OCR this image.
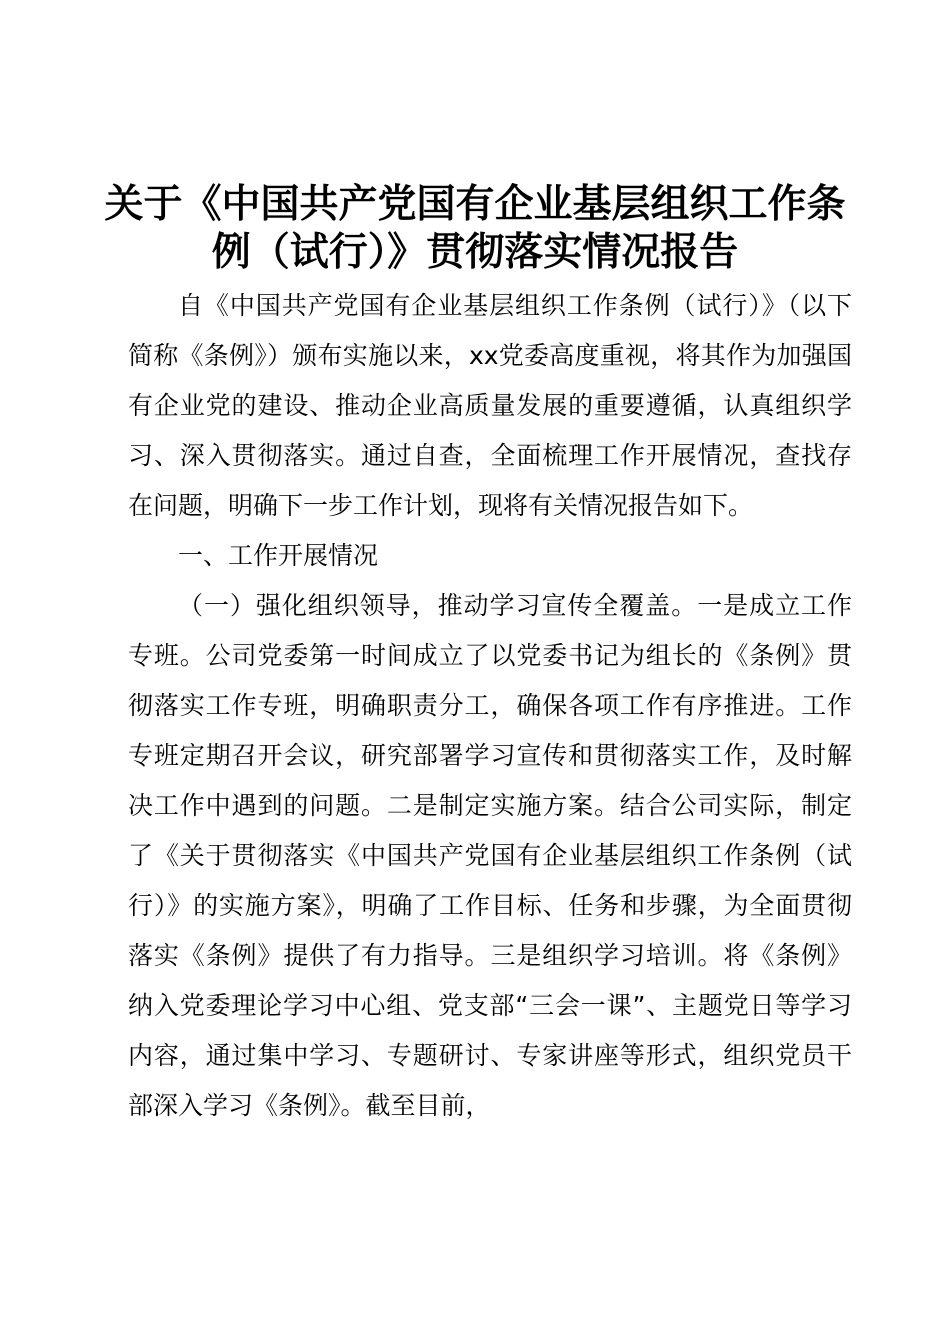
关于《中国共产党国有企业基层组织工作条例（试行）》贯彻落实情况报告

自《中国共产党国有企业基层组织工作条例（试行）》（以下简称《条例》）颁布实施以来，xx党委高度重视，将其作为加强国有企业党的建设、推动企业高质量发展的重要遵循，认真组织学习、深入贯彻落实。通过自查，全面梳理工作开展情况，查找存在问题，明确下一步工作计划，现将有关情况报告如下。

一、工作开展情况

（一）强化组织领导，推动学习宣传全覆盖。一是成立工作专班。公司党委第一时间成立了以党委书记为组长的《条例》贯彻落实工作专班，明确职责分工，确保各项工作有序推进。工作专班定期召开会议，研究部署学习宣传和贯彻落实工作，及时解决工作中遇到的问题。二是制定实施方案。结合公司实际，制定了《关于贯彻落实《中国共产党国有企业基层组织工作条例（试行）》的实施方案》，明确了工作目标、任务和步骤，为全面贯彻落实《条例》提供了有力指导。三是组织学习培训。将《条例》纳入党委理论学习中心组、党支部“三会一课”、主题党日等学习内容，通过集中学习、专题研讨、专家讲座等形式，组织党员干部深入学习《条例》。截至目前，
